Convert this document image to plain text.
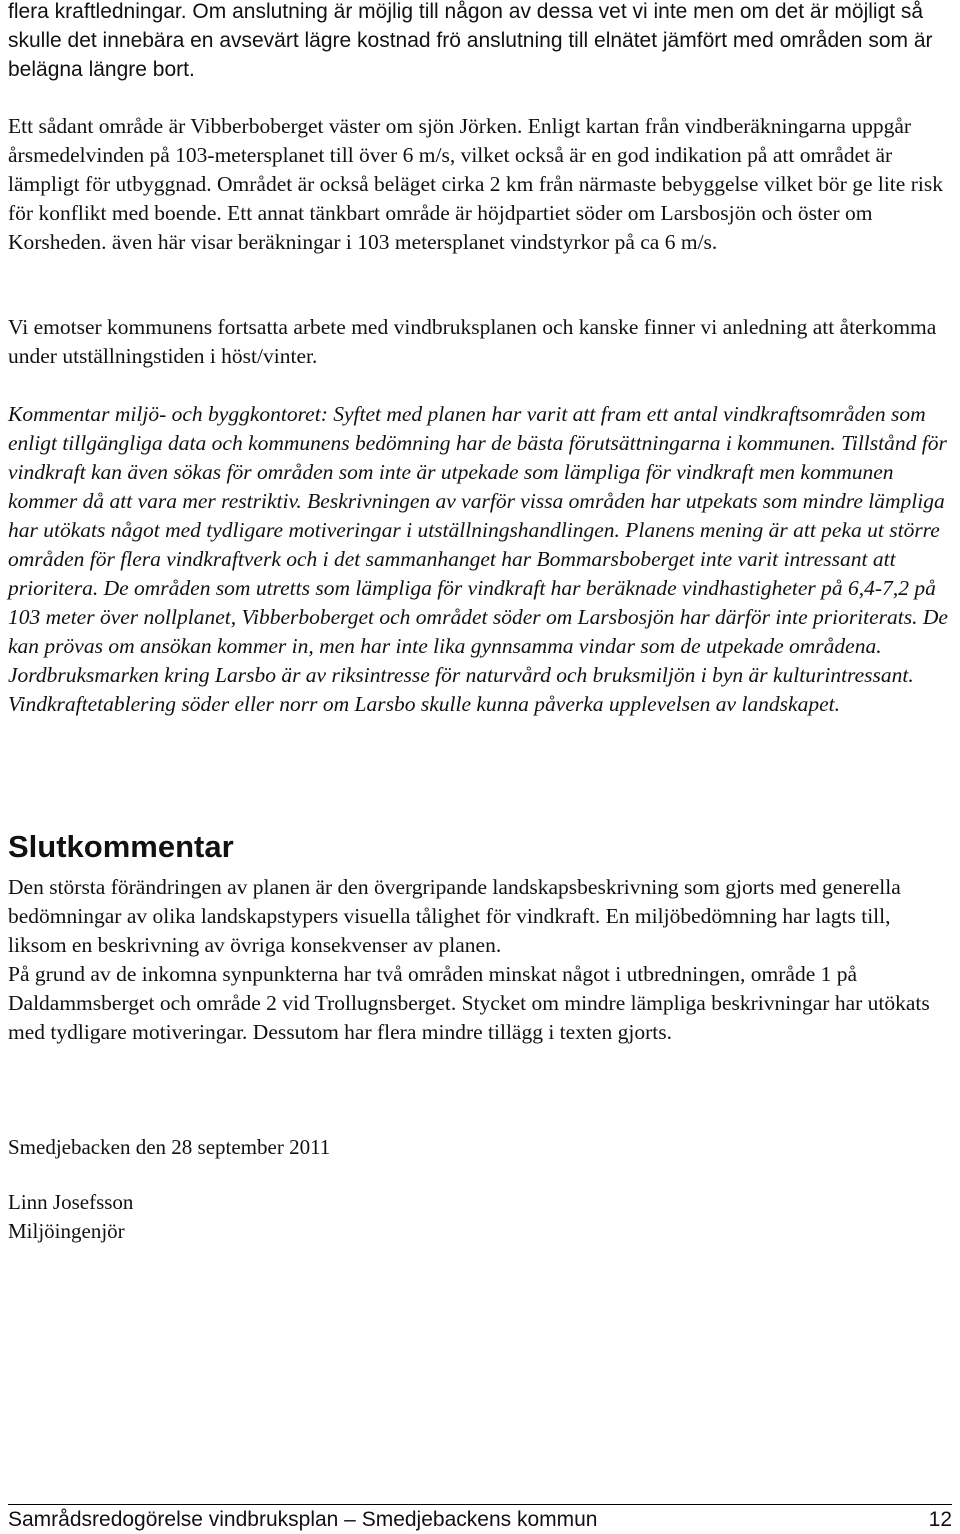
flera kraftledningar. Om anslutning är möjlig till någon av dessa vet vi inte men om det är möjligt så skulle det innebära en avsevärt lägre kostnad frö anslutning till elnätet jämfört med områden som är belägna längre bort.

Ett sådant område är Vibberboberget väster om sjön Jörken. Enligt kartan från vindberäkningarna uppgår årsmedelvinden på 103-metersplanet till över 6 m/s, vilket också är en god indikation på att området är lämpligt för utbyggnad. Området är också beläget cirka 2 km från närmaste bebyggelse vilket bör ge lite risk för konflikt med boende. Ett annat tänkbart område är höjdpartiet söder om Larsbosjön och öster om Korsheden. även här visar beräkningar i 103 metersplanet vindstyrkor på ca 6 m/s.

Vi emotser kommunens fortsatta arbete med vindbruksplanen och kanske finner vi anledning att återkomma under utställningstiden i höst/vinter.

Kommentar miljö- och byggkontoret: Syftet med planen har varit att fram ett antal vindkraftsområden som enligt tillgängliga data och kommunens bedömning har de bästa förutsättningarna i kommunen. Tillstånd för vindkraft kan även sökas för områden som inte är utpekade som lämpliga för vindkraft men kommunen kommer då att vara mer restriktiv. Beskrivningen av varför vissa områden har utpekats som mindre lämpliga har utökats något med tydligare motiveringar i utställningshandlingen. Planens mening är att peka ut större områden för flera vindkraftverk och i det sammanhanget har Bommarsboberget inte varit intressant att prioritera. De områden som utretts som lämpliga för vindkraft har beräknade vindhastigheter på 6,4-7,2 på 103 meter över nollplanet, Vibberboberget och området söder om Larsbosjön har därför inte prioriterats. De kan prövas om ansökan kommer in, men har inte lika gynnsamma vindar som de utpekade områdena. Jordbruksmarken kring Larsbo är av riksintresse för naturvård och bruksmiljön i byn är kulturintressant. Vindkraftetablering söder eller norr om Larsbo skulle kunna påverka upplevelsen av landskapet.

Slutkommentar

Den största förändringen av planen är den övergripande landskapsbeskrivning som gjorts med generella bedömningar av olika landskapstypers visuella tålighet för vindkraft. En miljöbedömning har lagts till, liksom en beskrivning av övriga konsekvenser av planen.

På grund av de inkomna synpunkterna har två områden minskat något i utbredningen, område 1 på Daldammsberget och område 2 vid Trollugnsberget. Stycket om mindre lämpliga beskrivningar har utökats med tydligare motiveringar. Dessutom har flera mindre tillägg i texten gjorts.

Smedjebacken den 28 september 2011

Linn Josefsson

Miljöingenjör

Samrådsredogörelse vindbruksplan – Smedjebackens kommun	12
